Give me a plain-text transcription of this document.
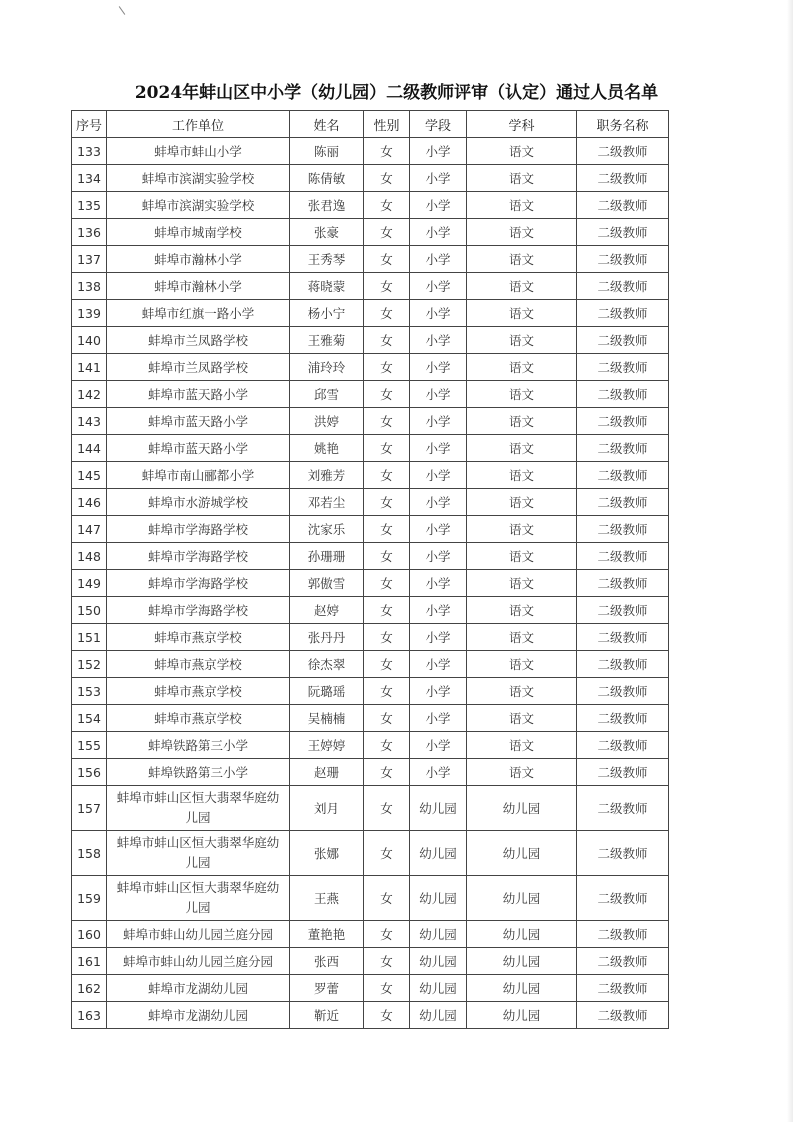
2024年蚌山区中小学（幼儿园）二级教师评审（认定）通过人员名单
序号	工作单位	姓名	性别	学段	学科	职务名称
133	蚌埠市蚌山小学	陈丽	女	小学	语文	二级教师
134	蚌埠市滨湖实验学校	陈倩敏	女	小学	语文	二级教师
135	蚌埠市滨湖实验学校	张君逸	女	小学	语文	二级教师
136	蚌埠市城南学校	张豪	女	小学	语文	二级教师
137	蚌埠市瀚林小学	王秀琴	女	小学	语文	二级教师
138	蚌埠市瀚林小学	蒋晓蒙	女	小学	语文	二级教师
139	蚌埠市红旗一路小学	杨小宁	女	小学	语文	二级教师
140	蚌埠市兰凤路学校	王雅菊	女	小学	语文	二级教师
141	蚌埠市兰凤路学校	浦玲玲	女	小学	语文	二级教师
142	蚌埠市蓝天路小学	邱雪	女	小学	语文	二级教师
143	蚌埠市蓝天路小学	洪婷	女	小学	语文	二级教师
144	蚌埠市蓝天路小学	姚艳	女	小学	语文	二级教师
145	蚌埠市南山郦都小学	刘雅芳	女	小学	语文	二级教师
146	蚌埠市水游城学校	邓若尘	女	小学	语文	二级教师
147	蚌埠市学海路学校	沈家乐	女	小学	语文	二级教师
148	蚌埠市学海路学校	孙珊珊	女	小学	语文	二级教师
149	蚌埠市学海路学校	郭傲雪	女	小学	语文	二级教师
150	蚌埠市学海路学校	赵婷	女	小学	语文	二级教师
151	蚌埠市燕京学校	张丹丹	女	小学	语文	二级教师
152	蚌埠市燕京学校	徐杰翠	女	小学	语文	二级教师
153	蚌埠市燕京学校	阮璐瑶	女	小学	语文	二级教师
154	蚌埠市燕京学校	吴楠楠	女	小学	语文	二级教师
155	蚌埠铁路第三小学	王婷婷	女	小学	语文	二级教师
156	蚌埠铁路第三小学	赵珊	女	小学	语文	二级教师
157	蚌埠市蚌山区恒大翡翠华庭幼儿园	刘月	女	幼儿园	幼儿园	二级教师
158	蚌埠市蚌山区恒大翡翠华庭幼儿园	张娜	女	幼儿园	幼儿园	二级教师
159	蚌埠市蚌山区恒大翡翠华庭幼儿园	王燕	女	幼儿园	幼儿园	二级教师
160	蚌埠市蚌山幼儿园兰庭分园	董艳艳	女	幼儿园	幼儿园	二级教师
161	蚌埠市蚌山幼儿园兰庭分园	张西	女	幼儿园	幼儿园	二级教师
162	蚌埠市龙湖幼儿园	罗蕾	女	幼儿园	幼儿园	二级教师
163	蚌埠市龙湖幼儿园	靳近	女	幼儿园	幼儿园	二级教师
